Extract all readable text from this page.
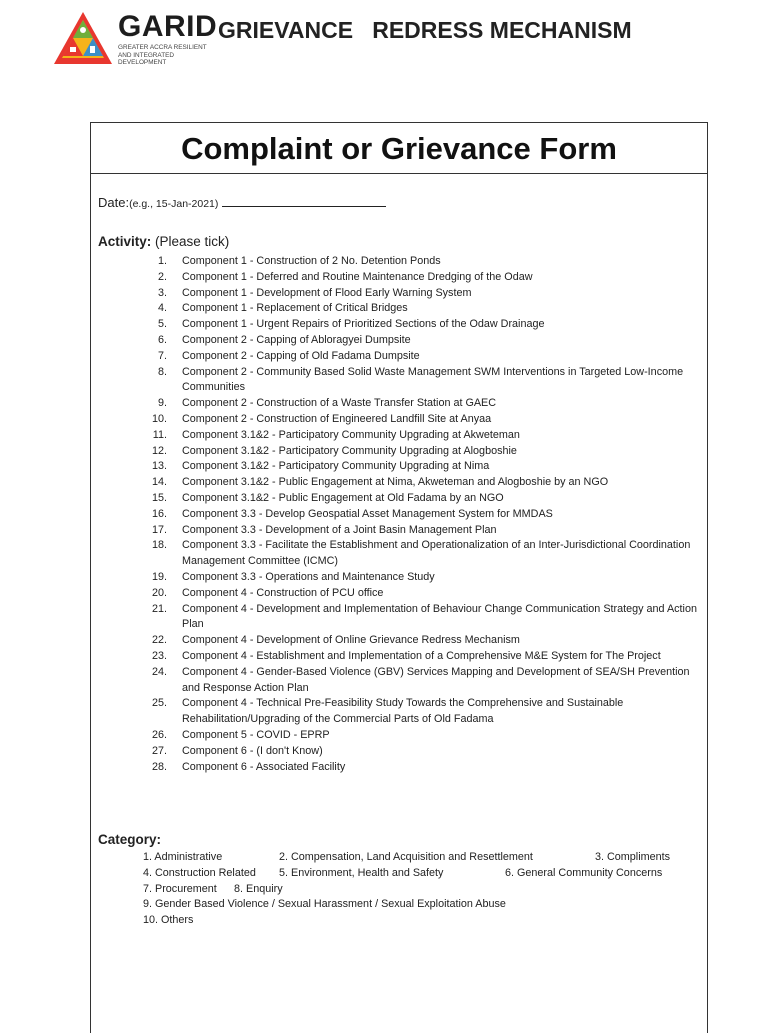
GARID
GREATER ACCRA RESILIENT AND INTEGRATED DEVELOPMENT
GRIEVANCE   REDRESS MECHANISM
Complaint or Grievance Form
Date:(e.g., 15-Jan-2021)
Activity: (Please tick)
1.	Component 1 - Construction of 2 No. Detention Ponds
2.	Component 1 - Deferred and Routine Maintenance Dredging of the Odaw
3.	Component 1 - Development of Flood Early Warning System
4.	Component 1 - Replacement of Critical Bridges
5.	Component 1 - Urgent Repairs of Prioritized Sections of the Odaw Drainage
6.	Component 2 - Capping of Abloragyei Dumpsite
7.	Component 2 - Capping of Old Fadama Dumpsite
8.	Component 2 - Community Based Solid Waste Management SWM Interventions in Targeted Low-Income Communities
9.	Component 2 - Construction of a Waste Transfer Station at GAEC
10.	Component 2 - Construction of Engineered Landfill Site at Anyaa
11.	Component 3.1&2 - Participatory Community Upgrading at Akweteman
12.	Component 3.1&2 - Participatory Community Upgrading at Alogboshie
13.	Component 3.1&2 - Participatory Community Upgrading at Nima
14.	Component 3.1&2 - Public Engagement at Nima, Akweteman and Alogboshie by an NGO
15.	Component 3.1&2 - Public Engagement at Old Fadama by an NGO
16.	Component 3.3 - Develop Geospatial Asset Management System for MMDAS
17.	Component 3.3 - Development of a Joint Basin Management Plan
18.	Component 3.3 - Facilitate the Establishment and Operationalization of an Inter-Jurisdictional Coordination Management Committee (ICMC)
19.	Component 3.3 - Operations and Maintenance Study
20.	Component 4 - Construction of PCU office
21.	Component 4 - Development and Implementation of Behaviour Change Communication Strategy and Action Plan
22.	Component 4 - Development of Online Grievance Redress Mechanism
23.	Component 4 - Establishment and Implementation of a Comprehensive M&E System for The Project
24.	Component 4 - Gender-Based Violence (GBV) Services Mapping and Development of SEA/SH Prevention and Response Action Plan
25.	Component 4 - Technical Pre-Feasibility Study Towards the Comprehensive and Sustainable Rehabilitation/Upgrading of the Commercial Parts of Old Fadama
26.	Component 5 - COVID - EPRP
27.	Component 6 - (I don't Know)
28.	Component 6 - Associated Facility
Category:
1. Administrative	2. Compensation, Land Acquisition and Resettlement	3. Compliments
4. Construction Related 5. Environment, Health and Safety	6. General Community Concerns
7. Procurement 8. Enquiry
9. Gender Based Violence / Sexual Harassment / Sexual Exploitation Abuse
10. Others
